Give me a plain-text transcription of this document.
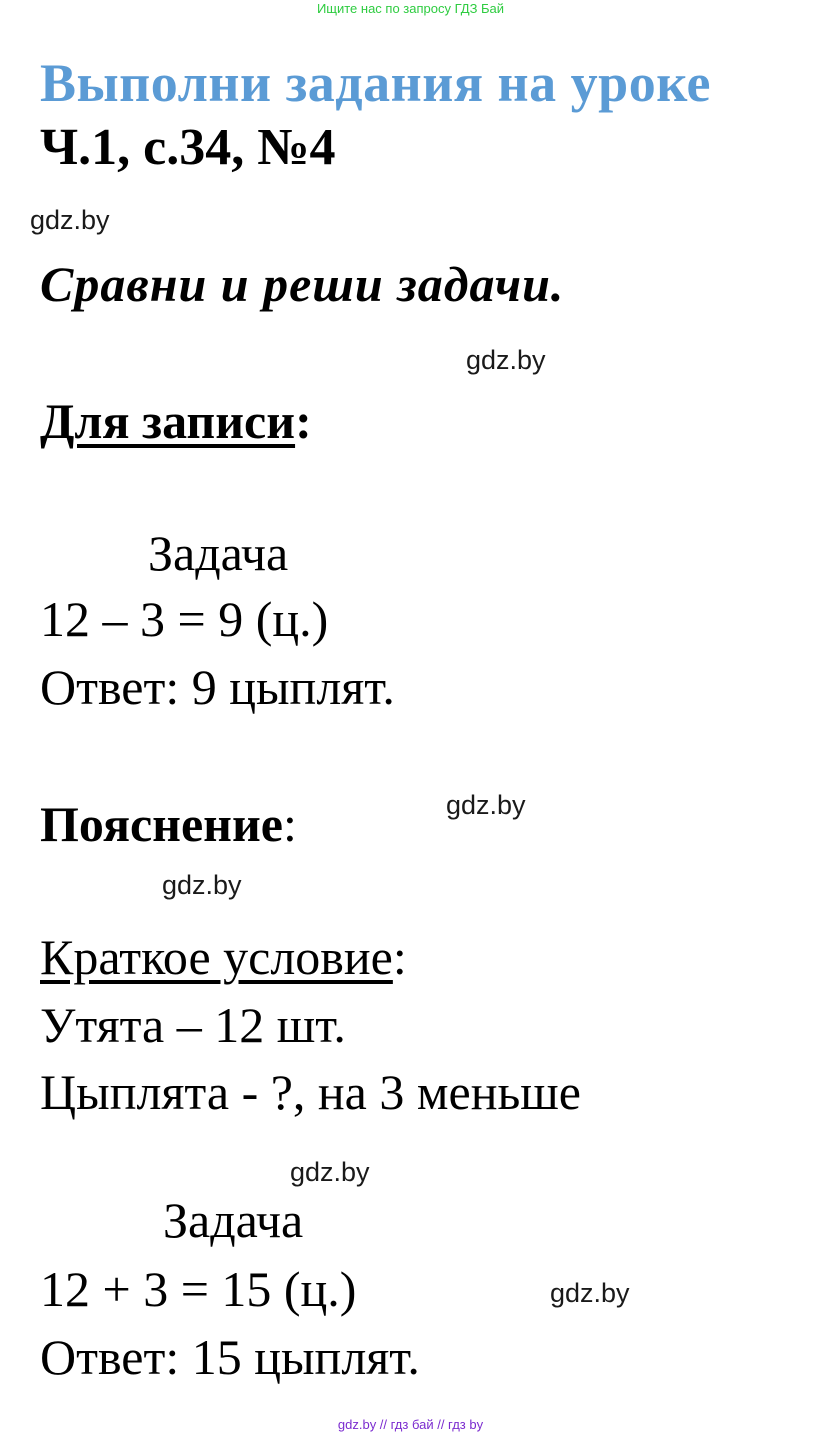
Ищите нас по запросу ГДЗ Бай
Выполни задания на уроке
Ч.1, с.34, №4
gdz.by
Сравни и реши задачи.
gdz.by
Для записи:
Задача
12 – 3 = 9 (ц.)
Ответ: 9 цыплят.
gdz.by
Пояснение:
gdz.by
Краткое условие:
Утята – 12 шт.
Цыплята - ?, на 3 меньше
gdz.by
Задача
12 + 3 = 15 (ц.)	gdz.by
Ответ: 15 цыплят.
gdz.by // гдз бай // гдз by
